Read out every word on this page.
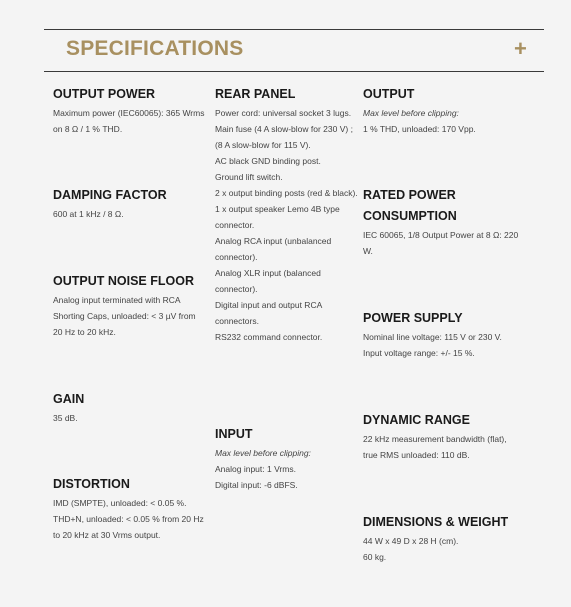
SPECIFICATIONS	+
OUTPUT POWER

Maximum power (IEC60065): 365 Wrms on 8 Ω / 1 % THD.

DAMPING FACTOR

600 at 1 kHz / 8 Ω.

OUTPUT NOISE FLOOR

Analog input terminated with RCA Shorting Caps, unloaded: < 3 µV from 20 Hz to 20 kHz.

GAIN

35 dB.

DISTORTION

IMD (SMPTE), unloaded: < 0.05 %.

THD+N, unloaded: < 0.05 % from 20 Hz to 20 kHz at 30 Vrms output.

REAR PANEL

Power cord: universal socket 3 lugs.

Main fuse (4 A slow-blow for 230 V) ; (8 A slow-blow for 115 V).

AC black GND binding post.

Ground lift switch.

2 x output binding posts (red & black).

1 x output speaker Lemo 4B type connector.

Analog RCA input (unbalanced connector).

Analog XLR input (balanced connector).

Digital input and output RCA connectors.

RS232 command connector.

INPUT
Max level before clipping:

Analog input: 1 Vrms.

Digital input: -6 dBFS.

OUTPUT
Max level before clipping:

1 % THD, unloaded: 170 Vpp.

RATED POWER CONSUMPTION

IEC 60065, 1/8 Output Power at 8 Ω: 220 W.

POWER SUPPLY

Nominal line voltage: 115 V or 230 V.

Input voltage range: +/- 15 %.

DYNAMIC RANGE

22 kHz measurement bandwidth (flat), true RMS unloaded: 110 dB.

DIMENSIONS & WEIGHT

44 W x 49 D x 28 H (cm).

60 kg.
